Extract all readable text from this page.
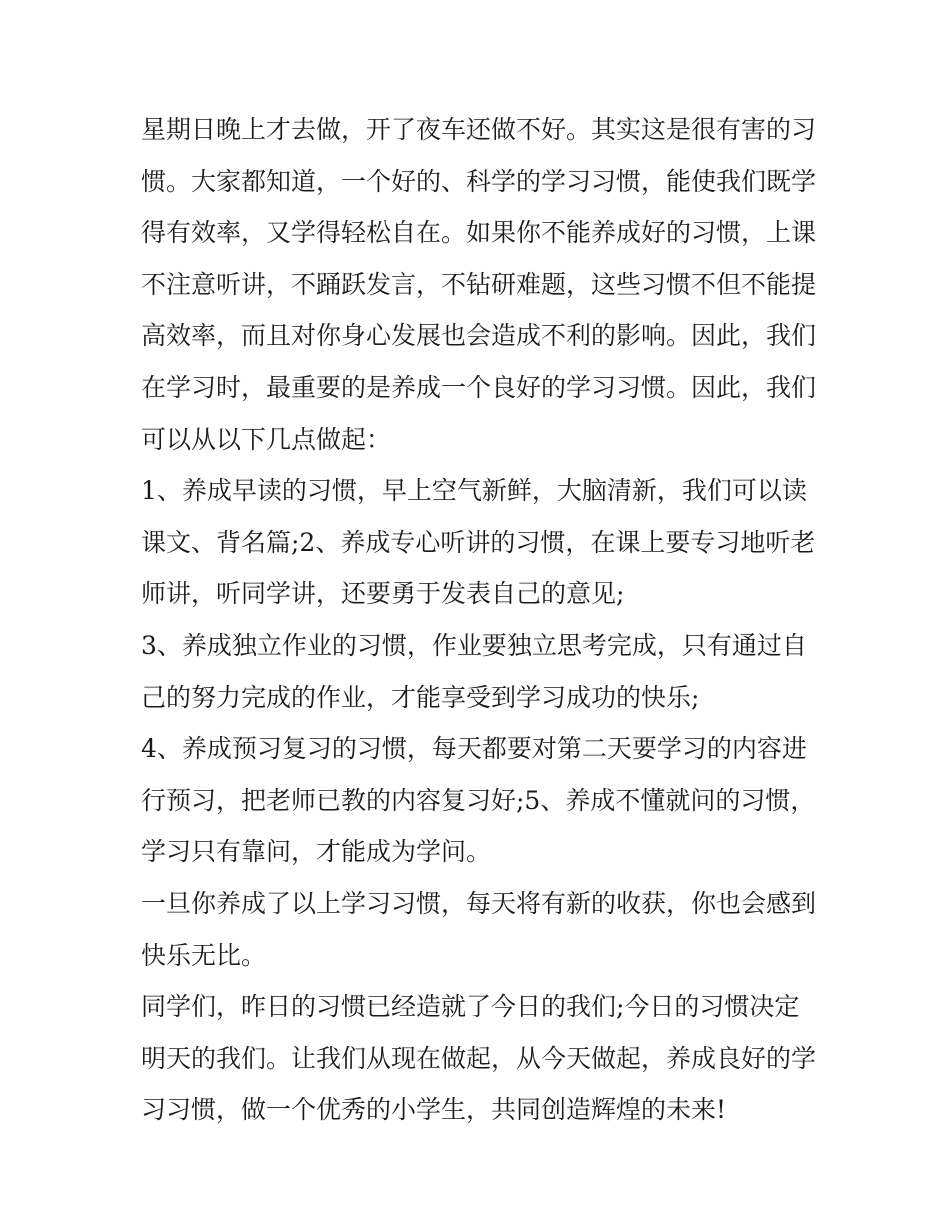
星期日晚上才去做，开了夜车还做不好。其实这是很有害的习
惯。大家都知道，一个好的、科学的学习习惯，能使我们既学
得有效率，又学得轻松自在。如果你不能养成好的习惯，上课
不注意听讲，不踊跃发言，不钻研难题，这些习惯不但不能提
高效率，而且对你身心发展也会造成不利的影响。因此，我们
在学习时，最重要的是养成一个良好的学习习惯。因此，我们
可以从以下几点做起：
1、养成早读的习惯，早上空气新鲜，大脑清新，我们可以读
课文、背名篇;2、养成专心听讲的习惯，在课上要专习地听老
师讲，听同学讲，还要勇于发表自己的意见;
3、养成独立作业的习惯，作业要独立思考完成，只有通过自
己的努力完成的作业，才能享受到学习成功的快乐;
4、养成预习复习的习惯，每天都要对第二天要学习的内容进
行预习，把老师已教的内容复习好;5、养成不懂就问的习惯，
学习只有靠问，才能成为学问。
一旦你养成了以上学习习惯，每天将有新的收获，你也会感到
快乐无比。
同学们，昨日的习惯已经造就了今日的我们;今日的习惯决定
明天的我们。让我们从现在做起，从今天做起，养成良好的学
习习惯，做一个优秀的小学生，共同创造辉煌的未来!
